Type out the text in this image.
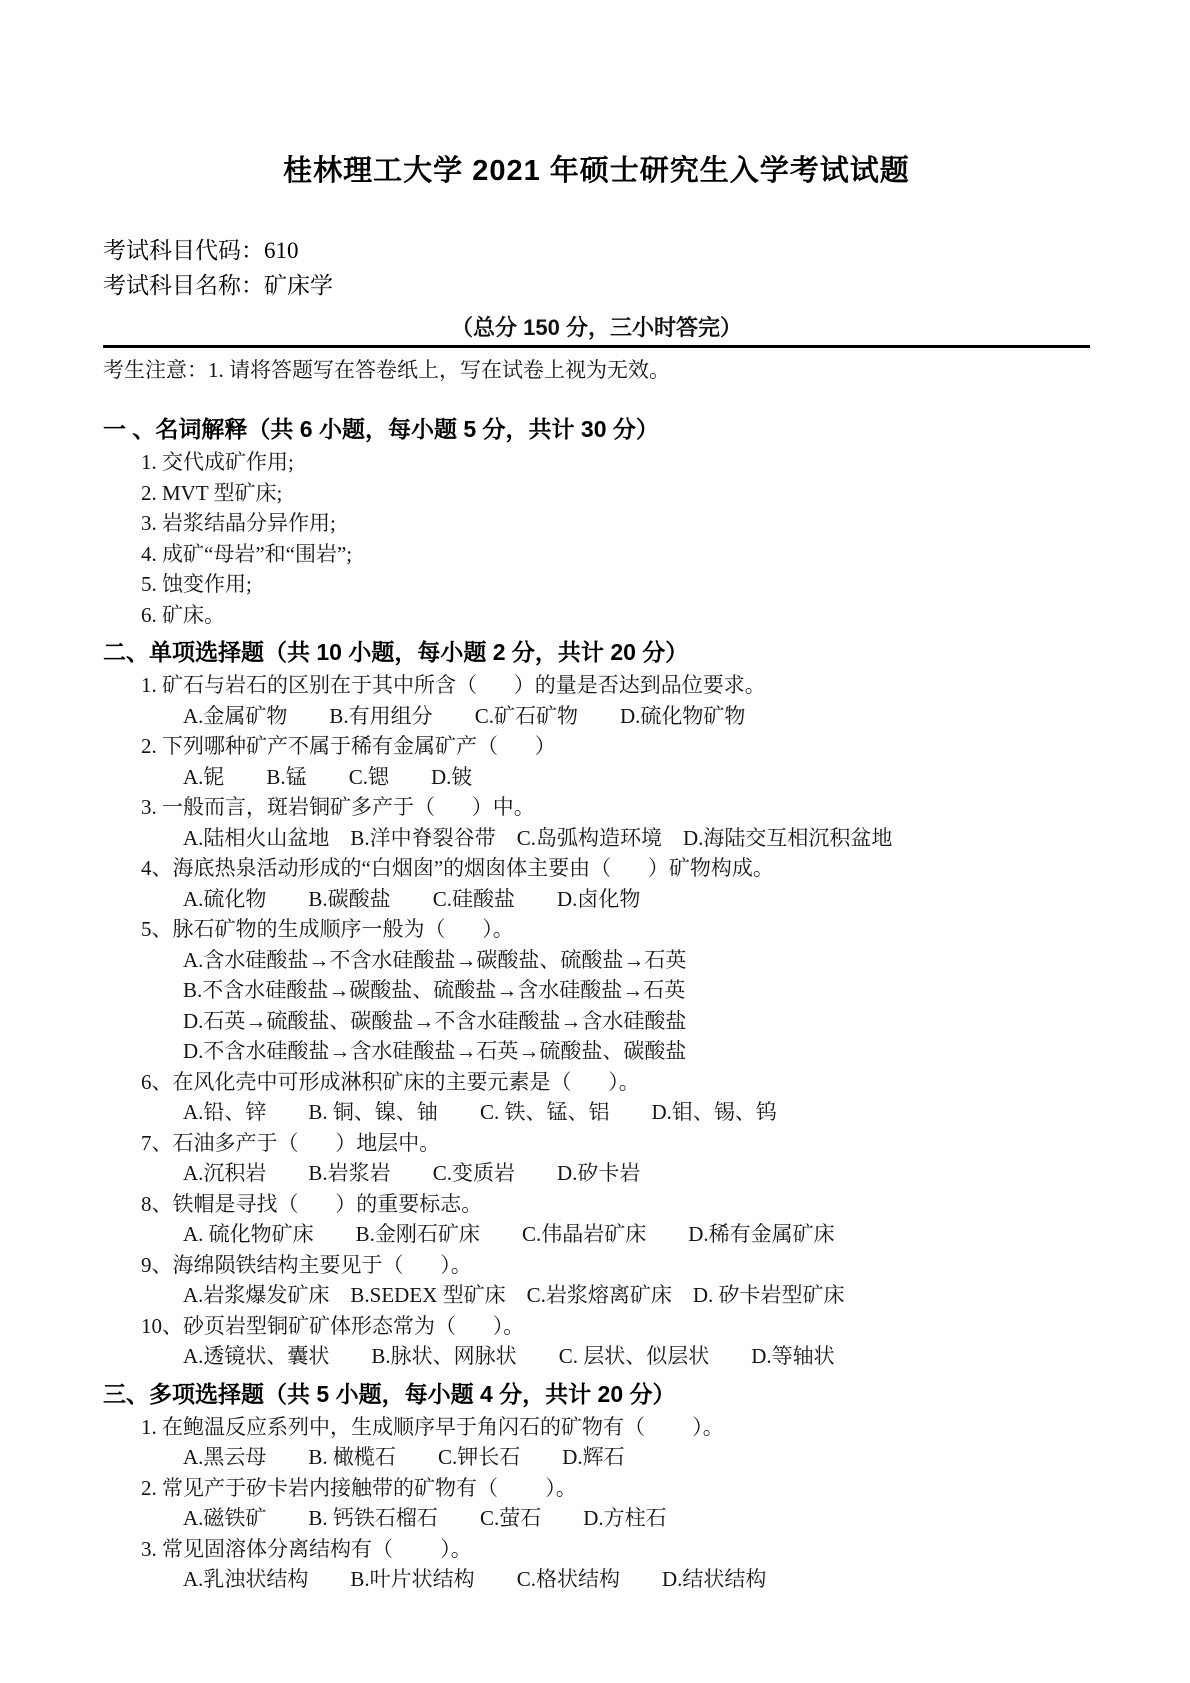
桂林理工大学 2021 年硕士研究生入学考试试题
考试科目代码：610
考试科目名称：矿床学
（总分 150 分，三小时答完）
考生注意：1. 请将答题写在答卷纸上，写在试卷上视为无效。
一 、名词解释（共 6 小题，每小题 5 分，共计 30 分）
1. 交代成矿作用;
2. MVT 型矿床;
3. 岩浆结晶分异作用;
4. 成矿“母岩”和“围岩”;
5. 蚀变作用;
6. 矿床。
二、单项选择题（共 10 小题，每小题 2 分，共计 20 分）
1. 矿石与岩石的区别在于其中所含（       ）的量是否达到品位要求。
A.金属矿物 B.有用组分 C.矿石矿物 D.硫化物矿物
2. 下列哪种矿产不属于稀有金属矿产（       ）
A.铌 B.锰 C.锶 D.铍
3. 一般而言，斑岩铜矿多产于（       ）中。
A.陆相火山盆地 B.洋中脊裂谷带 C.岛弧构造环境 D.海陆交互相沉积盆地
4、海底热泉活动形成的“白烟囱”的烟囱体主要由（       ）矿物构成。
A.硫化物 B.碳酸盐 C.硅酸盐 D.卤化物
5、脉石矿物的生成顺序一般为（       ）。
A.含水硅酸盐→不含水硅酸盐→碳酸盐、硫酸盐→石英
B.不含水硅酸盐→碳酸盐、硫酸盐→含水硅酸盐→石英
D.石英→硫酸盐、碳酸盐→不含水硅酸盐→含水硅酸盐
D.不含水硅酸盐→含水硅酸盐→石英→硫酸盐、碳酸盐
6、在风化壳中可形成淋积矿床的主要元素是（       ）。
A.铅、锌 B. 铜、镍、铀 C. 铁、锰、铝 D.钼、锡、钨
7、石油多产于（       ）地层中。
A.沉积岩 B.岩浆岩 C.变质岩 D.矽卡岩
8、铁帽是寻找（       ）的重要标志。
A. 硫化物矿床 B.金刚石矿床 C.伟晶岩矿床 D.稀有金属矿床
9、海绵陨铁结构主要见于（       ）。
A.岩浆爆发矿床 B.SEDEX 型矿床 C.岩浆熔离矿床 D. 矽卡岩型矿床
10、砂页岩型铜矿矿体形态常为（       ）。
A.透镜状、囊状 B.脉状、网脉状 C. 层状、似层状 D.等轴状
三、多项选择题（共 5 小题，每小题 4 分，共计 20 分）
1. 在鲍温反应系列中，生成顺序早于角闪石的矿物有（         ）。
A.黑云母 B. 橄榄石 C.钾长石 D.辉石
2. 常见产于矽卡岩内接触带的矿物有（         ）。
A.磁铁矿 B. 钙铁石榴石 C.萤石 D.方柱石
3. 常见固溶体分离结构有（         ）。
A.乳浊状结构 B.叶片状结构 C.格状结构 D.结状结构
